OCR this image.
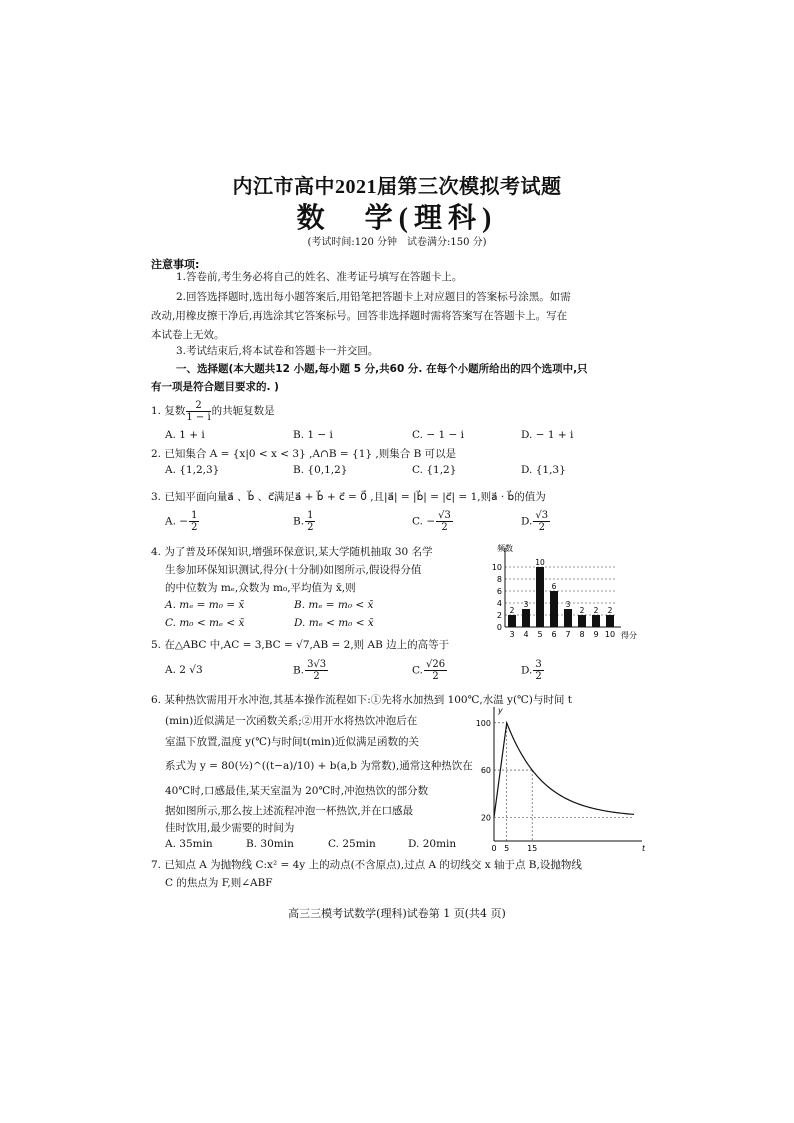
内江市高中2021届第三次模拟考试题
数　学(理科)
(考试时间:120 分钟　试卷满分:150 分)
注意事项:
1.答卷前,考生务必将自己的姓名、准考证号填写在答题卡上。
2.回答选择题时,选出每小题答案后,用铅笔把答题卡上对应题目的答案标号涂黑。如需
改动,用橡皮擦干净后,再选涂其它答案标号。回答非选择题时需将答案写在答题卡上。写在
本试卷上无效。
3.考试结束后,将本试卷和答题卡一并交回。
一、选择题(本大题共12 小题,每小题 5 分,共60 分. 在每个小题所给出的四个选项中,只
有一项是符合题目要求的. )
1. 复数 $\frac{2}{1 - i}$ 的共轭复数是
A. 1 + i	B. 1 − i	C. − 1 − i	D. − 1 + i
2. 已知集合 A = {x|0 < x < 3} ,A∩B = {1} ,则集合 B 可以是
A. {1,2,3}	B. {0,1,2}	C. {1,2}	D. {1,3}
3. 已知平面向量a⃗ 、b⃗ 、c⃗满足a⃗ + b⃗ + c⃗ = 0⃗ ,且|a⃗| = |b⃗| = |c⃗| = 1,则a⃗ · b⃗的值为
A. − $\frac{1}{2}$	B. $\frac{1}{2}$	C. − $\frac{√3}{2}$	D. $\frac{√3}{2}$
4. 为了普及环保知识,增强环保意识,某大学随机抽取 30 名学
生参加环保知识测试,得分(十分制)如图所示,假设得分值
的中位数为 mₑ,众数为 m₀,平均值为 x̄,则
A. mₑ = m₀ = x̄	B. mₑ = m₀ < x̄
C. m₀ < mₑ < x̄	D. mₑ < m₀ < x̄	0
2
4
6
8
10
频数
得分
2
3
3
4
10
5
6
6
3
7
2
8
2
9
2
10
5. 在△ABC 中,AC = 3,BC = √7,AB = 2,则 AB 边上的高等于
A. 2 √3	B. $\frac{3√3}{2}$	C. $\frac{√26}{2}$	D. $\frac{3}{2}$
6. 某种热饮需用开水冲泡,其基本操作流程如下:①先将水加热到 100℃,水温 y(℃)与时间 t
(min)近似满足一次函数关系;②用开水将热饮冲泡后在
室温下放置,温度 y(℃)与时间t(min)近似满足函数的关
系式为 y = 80(½)^((t−a)/10) + b(a,b 为常数),通常这种热饮在
40℃时,口感最佳,某天室温为 20℃时,冲泡热饮的部分数
据如图所示,那么按上述流程冲泡一杯热饮,并在口感最
佳时饮用,最少需要的时间为
A. 35min	B. 30min	C. 25min	D. 20min
y
t
20
60
100
0 5 15
7. 已知点 A 为抛物线 C:x² = 4y 上的动点(不含原点),过点 A 的切线交 x 轴于点 B,设抛物线
C 的焦点为 F,则∠ABF
高三三模考试数学(理科)试卷第 1 页(共4 页)
